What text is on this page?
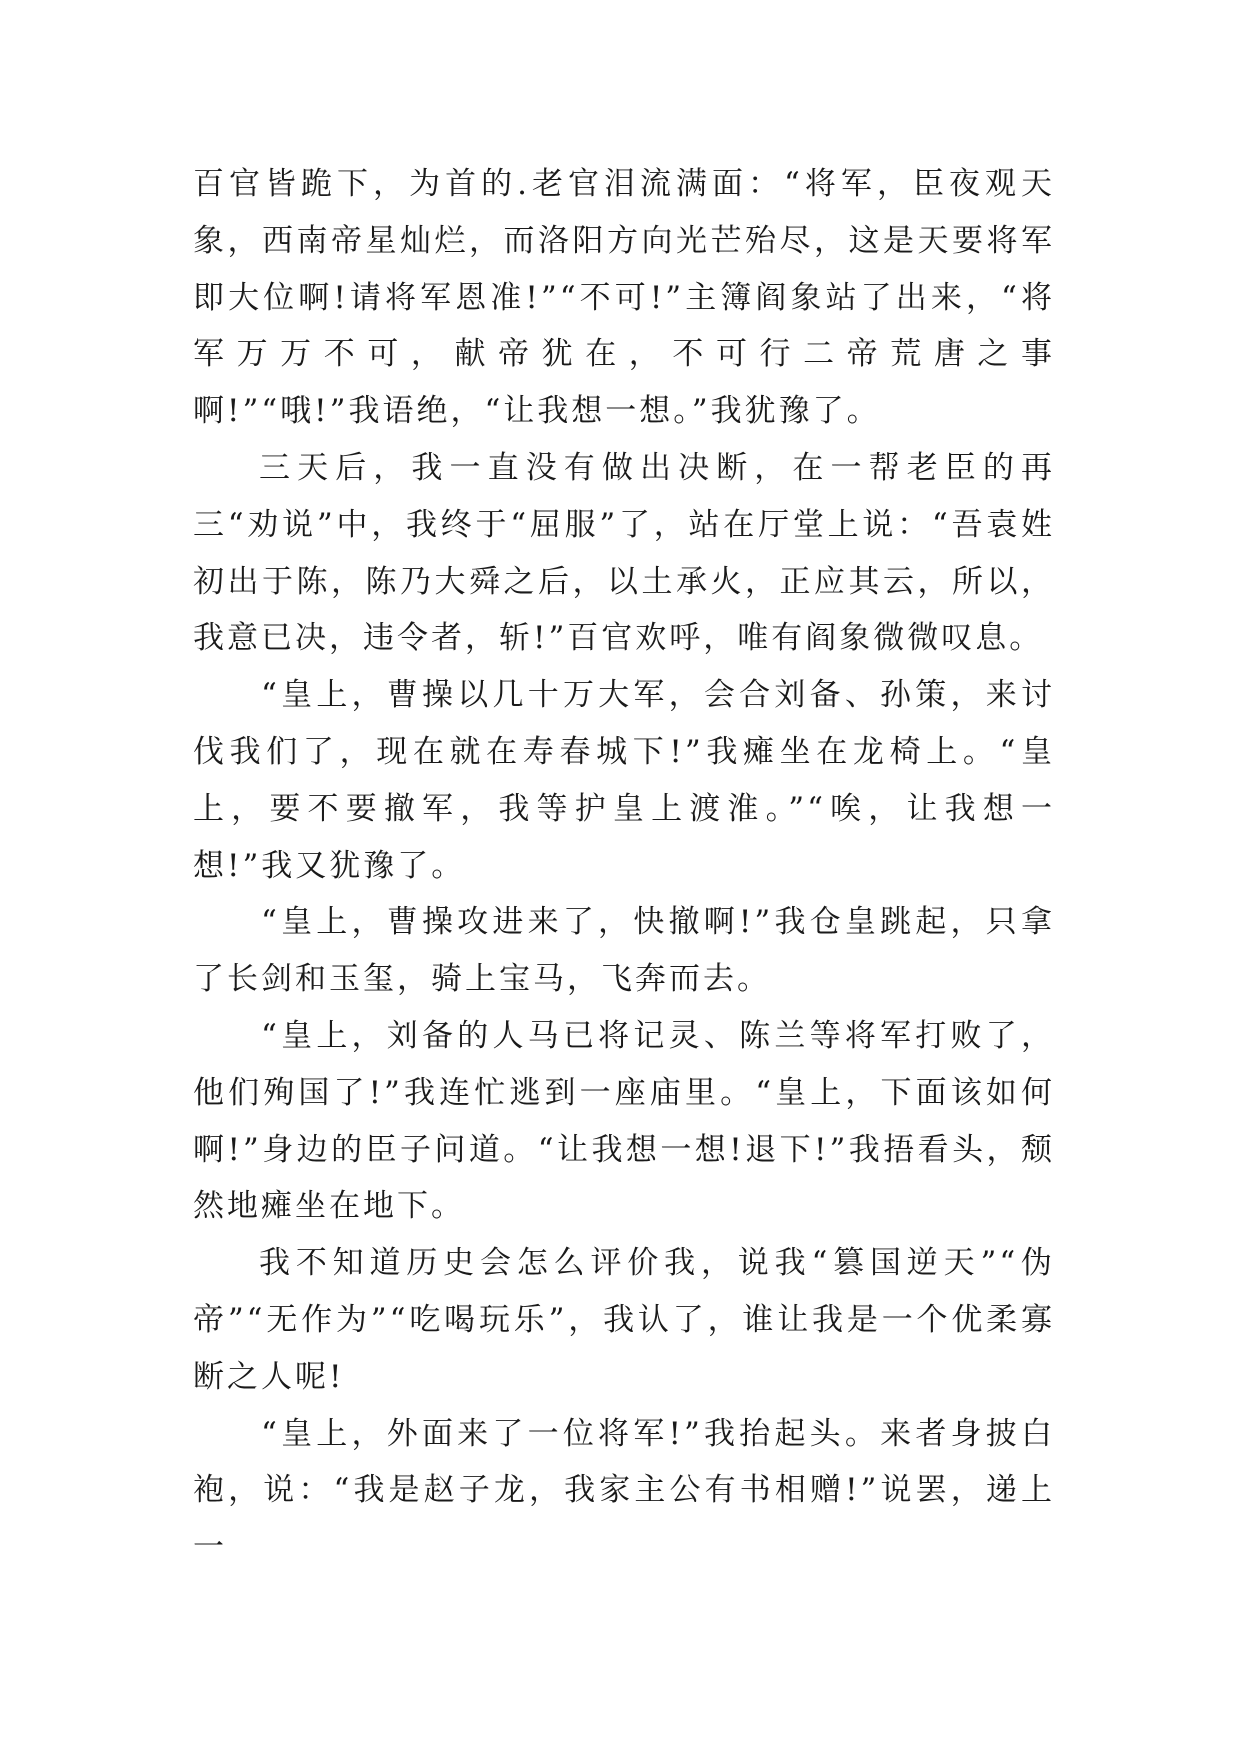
百官皆跪下，为首的.老官泪流满面：“将军，臣夜观天象，西南帝星灿烂，而洛阳方向光芒殆尽，这是天要将军即大位啊!请将军恩准!”“不可!”主簿阎象站了出来，“将军万万不可，献帝犹在，不可行二帝荒唐之事啊!”“哦!”我语绝，“让我想一想。”我犹豫了。

三天后，我一直没有做出决断，在一帮老臣的再三“劝说”中，我终于“屈服”了，站在厅堂上说：“吾袁姓初出于陈，陈乃大舜之后，以土承火，正应其云，所以，我意已决，违令者，斩!”百官欢呼，唯有阎象微微叹息。

“皇上，曹操以几十万大军，会合刘备、孙策，来讨伐我们了，现在就在寿春城下!”我瘫坐在龙椅上。“皇上，要不要撤军，我等护皇上渡淮。”“唉，让我想一想!”我又犹豫了。

“皇上，曹操攻进来了，快撤啊!”我仓皇跳起，只拿了长剑和玉玺，骑上宝马，飞奔而去。

“皇上，刘备的人马已将记灵、陈兰等将军打败了，他们殉国了!”我连忙逃到一座庙里。“皇上，下面该如何啊!”身边的臣子问道。“让我想一想!退下!”我捂看头，颓然地瘫坐在地下。

我不知道历史会怎么评价我，说我“篡国逆天”“伪帝”“无作为”“吃喝玩乐”，我认了，谁让我是一个优柔寡断之人呢!

“皇上，外面来了一位将军!”我抬起头。来者身披白袍，说：“我是赵子龙，我家主公有书相赠!”说罢，递上一
